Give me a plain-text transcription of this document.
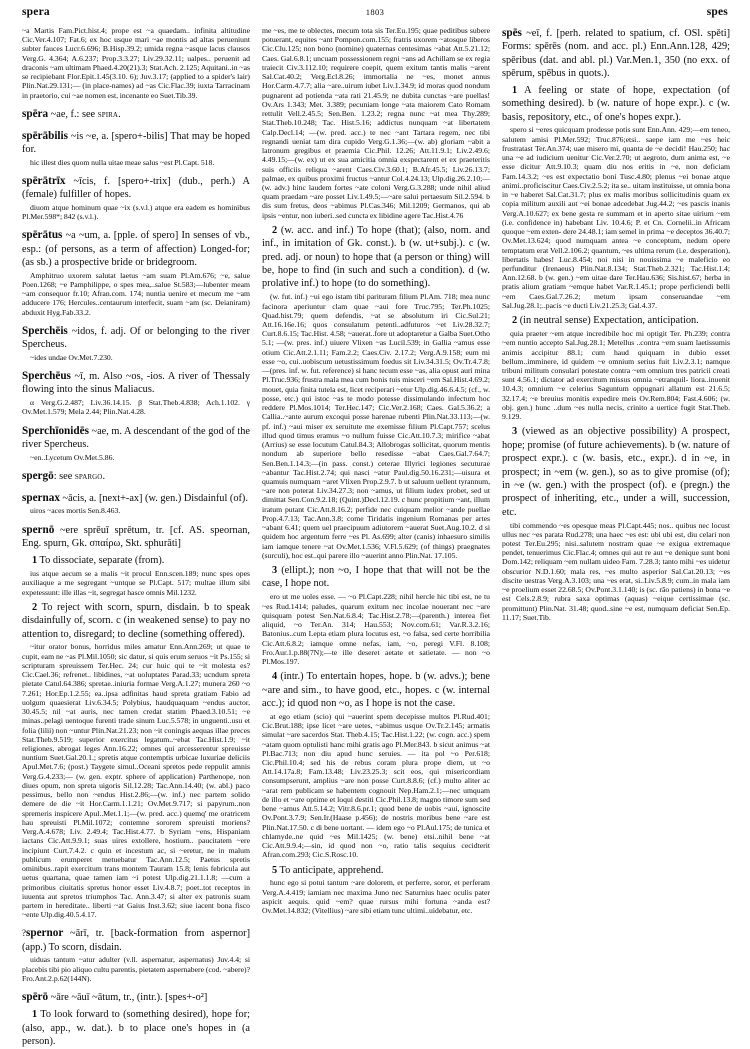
spera	1803	spes

~a Martis Fam.Pict.hist.4; prope est ~a quaedam.. infinita altitudine Cic.Ver.4.107; Fat.6; ex hoc usque mari ~ae montis ad altas perueniunt subter fauces Lucr.6.696; B.Hisp.39.2; umida regna ~asque lacus clausos Verg.G. 4.364; A.6.237; Prop.3.3.27; Liv.29.32.11; ualpes.. peruenit ad draconis ~am ultimam Phaed.4.20(21).3; Stat.Ach. 2.125; Aquitani..in ~as se recipiebant Flor.Epit.1.45(3.10. 6); Juv.3.17; (applied to a spider's lair) Plin.Nat.29.131;— (in place-names) ad ~as Cic.Flac.39; iuxta Tarracinam in praetorio, cui ~ae nomen est, incenante eo Suet.Tib.39.

spēra ~ae, f.: see spira.
spērābilis ~is ~e, a. [spero+-bilis] That may be hoped for.

hic illest dies quom nulla uitae meae salus ~est Pl.Capt. 518.

spērātrīx ~īcis, f. [spero+-trix] (dub., perh.) A (female) fulfiller of hopes.

diuom atque hominum quae ~ix (s.v.l.) atque era eadem es hominibus Pl.Mer.598*; 842 (s.v.l.).

spērātus ~a ~um, a. [pple. of spero] In senses of vb., esp.: (of persons, as a term of affection) Longed-for; (as sb.) a prospective bride or bridegroom.

Amphitruo uxorem salutat laetus ~am suam Pl.Am.676; ~e, salue Poen.1268; ~e Pamphilippe, o spes mea,..salue St.583;—lubenter meam ~am consequor fr.10; Afran.com. 174; nuntia uenire et mecum me ~am adducere 176; Hercules..centaurum interfecit, suam ~am (sc. Deianiram) abduxit Hyg.Fab.33.2.

Sperchēis ~idos, f. adj. Of or belonging to the river Spercheus.

~ides undae Ov.Met.7.230.

Sperchēus ~ī, m. Also ~os, -ios. A river of Thessaly flowing into the sinus Maliacus.

α Verg.G.2.487; Liv.36.14.15. β Stat.Theb.4.838; Ach.1.102. γ Ov.Met.1.579; Mela 2.44; Plin.Nat.4.28.

Sperchīonidēs ~ae, m. A descendant of the god of the river Spercheus.

~en..Lycetum Ov.Met.5.86.

spergō: see spargo.
spernax ~ācis, a. [next+-ax] (w. gen.) Disdainful (of).

uiros ~aces mortis Sen.8.463.

spernō ~ere sprēuī sprētum, tr. [cf. AS. speornan, Eng. spurn, Gk. σπαίρω, Skt. sphurāti]

1 To dissociate, separate (from).

ius atque aecum se a malis ~it procul Enn.scen.189; nunc spes opes auxiliaque a me segregant ~untque se Pl.Capt. 517; multae illum sibi expetessunt: ille illas ~it, segregat hasce omnis Mil.1232.

2 To reject with scorn, spurn, disdain. b to speak disdainfully of, scorn. c (in weakened sense) to pay no attention to, disregard; to decline (something offered).

~itur orator bonus, horridus miles amatur Enn.Ann.269; ut quae te cupit, eam ne ~as Pl.Mil.1050; sic datur, si quis erum seruos ~it Ps.155; si scripturam spreuissem Ter.Hec. 24; cur huic qui te ~it molesta es? Cic.Cael.36; refrenet.. libidines, ~at uoluptates Parad.33; ucndum spreta pietate Catul.64.386; spretae..iniuria formae Verg.A.1.27; munera 260 ~o 7.261; Hor.Ep.1.2.55; ea..ipsa adfinitas haud spreta gratiam Fabio ad uolgum quaesierat Liv.6.34.5; Polybius, haudquaquam ~endus auctor, 30.45.5; nil ~at auris, nec tamen credat statim Phaed.3.10.51; ~e minas..pelagi uentoque furenti trade sinum Luc.5.578; in unguenti..usu et folia (lilii) non ~untur Plin.Nat.21.23; non ~it coningis aequas illae preces Stat.Theb.9.519; superior exercitus legatum..~ebat Tac.Hist.1.9; ~it religiones, abrogat leges Ann.16.22; omnes qui arcesserentur spreuisse nuntium Suet.Gal.20.1.; spretis atque contemptis urbicae luxuriae deliciis Apul.Met.7.6; (post.) Taygete simul..Oceani spretos pede reppulit amnis Verg.G.4.233;— (w. gen. exptr. sphere of application) Parthenope, non diues opum, non spreta uigoris Sil.12.28; Tac.Ann.14.40; (w. abl.) paco pessimus, bello non ~endus Hist.2.86;—(w. inf.) nec partem solido demere de die ~it Hor.Carm.1.1.21; Ov.Met.9.717; si papyrum..non spremeris inspicere Apul..Met.1.1;—(w. pred. acc.) quemq' me oratricem hau spreuisti Pl.Mil.1072; contemne sororem spreuisti moriens? Verg.A.4.678; Liv. 2.49.4; Tac.Hist.4.77. b Syriam ~ens, Hispaniam iactans Cic.Att.9.9.1; suas uires extollere, hostium.. paucitatem ~ere incipiunt Curt.7.4.2. c quin et incestum ac, si ~eretur, ne in malum publicum erumperet metuebatur Tac.Ann.12.5; Paetus spretis ominibus..rapit exercitum trans montem Tauram 15.8; lenis febricula aut uetus quartana, quae tamen iam ~i potest Ulp.dig.21.1.1.8; —cum a primoribus ciuitatis spretus honor esset Liv.4.8.7; poet..tot receptos in iuuenta aut spretos triumphos Tac. Ann.3.47; si alter ex patronis suam partem in hereditate.. liberti ~at Gaius Inst.3.62; siue iacent bona fisco ~ente Ulp.dig.40.5.4.17.

?spernor ~ārī, tr. [back-formation from aspernor] (app.) To scorn, disdain.

uiduas tantum ~atur adulter (v.ll. aspernatur, aspernatus) Juv.4.4; si placebis tibi pio aliquo cultu parentis, pietatem aspernabere (cod. ~abere)? Fro.Ant.2.p.62(144N).

spērō ~āre ~āuī ~ātum, tr., (intr.). [spes+-o²]

1 To look forward to (something desired), hope for; (also, app., w. dat.). b to place one's hopes in (a person).

me ~es, me te oblectes, mecum tota sis Ter.Eu.195; quae peditibus subere potuerant, equites ~ant Pompon.com.155; fratris uxorem ~atosque liberos Cic.Clu.125; non bono (nomine) quaternas centesimas ~abat Att.5.21.12; Caes. Gal.6.8.1; uncuam possessionem regni ~ans ad Achillam se ex regia traiecit Civ.3.112.10; requirere coepit, quem exitum tantis malis ~arent Sal.Cat.40.2; Verg.Ecl.8.26; immortalia ne ~es, monet annus Hor.Carm.4.7.7; alia ~are..uirum iubet Liv.1.34.9; id moras quod nondum pugnarent ad potienda ~ata rati 21.45.9; ne dubita cunctas ~are puellas! Ov.Ars 1.343; Met. 3.389; pecuniam longe ~ata maiorem Cato Romam rettulit Vell.2.45.5; Sen.Ben. 1.23.2; regna nunc ~at mea Thy.289; Stat.Theb.10.248; Tac. Hist.5.16; addictus nunquam ~at libertatem Calp.Decl.14; —(w. pred. acc.) te nec ~ant Tartara regem, nec tibi regnandi ueniat tam dira cupido Verg.G.1.36;—(w. ab) gloriam ~abit a latronum gregibus et praemia Cic.Phil. 12.26; Att.11.9.1; Liv.2.49.6; 4.49.15;—(w. ex) ut ex sua amicitia omnia exspectarent et ex praeteritis suis officiis reliqua ~arent Caes.Civ.3.60.1; B.Afr.45.5; Liv.26.13.7; palmae, ex quibus proximi fructus ~antur Col.4.24.13; Ulp.dig.26.2.10;—(w. adv.) hinc laudem fortes ~ate coloni Verg.G.3.288; unde nihil aliud quam praedam ~are posset Liv.1.49.5;—~are salui pertaesum Sil.2.594. b dis sum fretus, deos ~abimus Pl.Cas.346; Mil.1209; Germanos, qui ab ipsis ~entur, non iuberi..sed cuncta ex libidine agere Tac.Hist.4.76

2 (w. acc. and inf.) To hope (that); (also, nom. and inf., in imitation of Gk. const.). b (w. ut+subj.). c (w. pred. adj. or noun) to hope that (a person or thing) will be, hope to find (in such and such a condition). d (w. prolative inf.) to hope (to do something).

(w. fut. inf.) ~ui ego istam tibi parituram filium Pl.Am. 718; mea nunc facinora aperiuntur clam quae ~aui fore Truc.795; Ter.Ph.1025; Quad.hist.79; quem defendis, ~at se absolutum iri Cic.Sul.21; Att.16.16e.16; quos consulatum petenti..adfuturos ~et Liv.28.32.7; Curt.8.6.15; Tac.Hist. 4.58; ~auerat..fore ut adoptaretur a Galba Suet.Otho 5.1; —(w. pres. inf.) uiuere Vlixen ~as Lucil.539; in Gallia ~amus esse otium Cic.Att.2.1.11; Fam.2.2; Caes.Civ. 2.17.2; Verg.A.9.158; eum mi esse ~o, cui..uobiscum uetustissimum foedus sit Liv.34.31.5; Ov.Tr.4.7.8;—(pres. inf. w. fut. reference) si hanc tecum esse ~as, alia opust auri mina Pl.Truc.936; frustra mala mea cum bonis tuis misceri ~em Sal.Hist.4.69.2; mouet, quia finita tutela est, licet reciperari ~etur Ulp.dig.46.6.4.5; (cf., w. posse, etc.) qui istoc ~as te modo potesse dissimulando infectum hoc reddere Pl.Mos.1014; Ter.Hec.147; Cic.Ver.2.168; Caes. Gal.5.36.2; a Callia..~ante aurum excoqui posse harenae rubenti Plin.Nat.33.113;—(w. pf. inf.) ~aui miser ex seruitute me exemisse filium Pl.Capt.757; scelus illud quod timus eramus ~o nullum fuisse Cic.Att.10.7.3; mirifice ~abat (Arrius) se esse locutum Catul.84.3; Allobrogas sollicitat, quorum mentis nondum ab superiore bello resedisse ~abat Caes.Gal.7.64.7; Sen.Ben.1.14.3;—(in pass. const.) ceterae Illyrici legiones secuturae ~abantur Tac.Hist.2.74; qui nasci ~atur Paul.dig.50.16.231;—uisura et quamuis numquam ~aret Vlixen Prop.2.9.7. b ut saluum uellent tyrannum, ~are non poterat Liv.34.27.3; non ~amus, ut filium iudex probet, sed ut dimittat Sen.Con.9.2.18; (Quint.)Decl.12.19. c hunc propitium ~ant, illum iratum putant Cic.Att.8.16.2; perfide nec cuiquam melior ~ande puellae Prop.4.7.13; Tac.Ann.3.8; come Tiridatis ingenium Romanas per artes ~abant 6.41; quem uel praecipuum adiutorem ~auerat Suet.Aug.10.2. d si quidem hoc argentum ferre ~es Pl. As.699; alter (canis) inhaesuro similis iam iamque tenere ~at Ov.Met.1.536; V.Fl.5.629; (of things) praegnates (surculi), hoc est..qui parere illo ~auerint anno Plin.Nat. 17.105.

3 (ellipt.); non ~o, I hope that that will not be the case, I hope not.

ero ut me uoles esse. — ~o Pl.Capt.228; nihil hercle hic tibi est, ne tu ~es Rud.1414; paludes, quarum exitum nec incolae nouerant nec ~are quisquam potest Sen.Nat.6.8.4; Tac.Hist.2.78;—(parenth.) interea fiet aliquid, ~o Ter.An. 314; Hau.553; Nov.com.61; Var.R.3.2.16; Batonius..cum Lepta etiam plura locutus est, ~o falsa, sed certe horribilia Cic.Att.6.8.2; iamque omne nefas, iam, ~o, peregi V.Fl. 8.108; Fro.Aur.1.p.88(7N);—te ille deseret aetate et satietate. — non ~o Pl.Mos.197.

4 (intr.) To entertain hopes, hope. b (w. advs.); bene ~are and sim., to have good, etc., hopes. c (w. internal acc.); id quod non ~o, as I hope is not the case.

at ego etiam (scio) qui ~auerint spem decepisse multos Pl.Rud.401; Cic.Brut.188; ipse licet ~are uetes, ~abimus usque Ov.Tr.2.145; armatis simulat ~are sacerdos Stat. Theb.4.15; Tac.Hist.1.22; (w. cogn. acc.) spem ~atam quom optulisti hanc mihi gratis ago Pl.Mer.843. b sicut animus ~at Pl.Bac.713; non diu apud hunc seruies. — ita pol ~o Per.618; Cic.Phil.10.4; sed his de rebus coram plura prope diem, ut ~o Att.14.17a.8; Fam.13.48; Liv.23.25.3; scit eos, qui misericordiam consumpserunt, amplius ~are non posse Curt.8.8.6; (cf.) multo aliter ac ~arat rem publicam se habentem cognouit Nep.Ham.2.1;—nec umquam de illo et ~are optime et loqui destiti Cic.Phil.13.8; magno timore sum sed bene ~amus Att.5.14.2; Vitr.8.6.pr.1; quod bene de uobis ~aui, ignoscite Ov.Pont.3.7.9; Sen.Ir.(Haase p.456); de nostris moribus bene ~are est Plin.Nat.17.50. c di bene uortant. — idem ego ~o Pl.Aul.175; de tunica et chlamyde..ne quid ~es Mil.1425; (w. bene) etsi..nihil bene ~at Cic.Att.9.9.4;—sin, id quod non ~o, ratio talis sequius cecidterit Afran.com.293; Cic.S.Rosc.10.

5 To anticipate, apprehend.

hunc ego si potui tantum ~are dolorem, et perferre, soror, et perferam Verg.A.4.419; iamiam nec maxima Juno nec Saturnius haec oculis pater aspicit aequis. quid ~em? quae rursus mihi fortuna ~anda est? Ov.Met.14.832; (Vitellius) ~are sibi etiam tunc ultimi..uidebatur, etc.

spēs ~eī, f. [perh. related to spatium, cf. OSl. spěti] Forms: spērēs (nom. and acc. pl.) Enn.Ann.128, 429; spēribus (dat. and abl. pl.) Var.Men.1, 350 (no exx. of spērum, spēbus in quots.).

1 A feeling or state of hope, expectation (of something desired). b (w. nature of hope expr.). c (w. basis, repository, etc., of one's hopes expr.).

spero si ~eres quicquam prodesse potis sunt Enn.Ann. 429;—em teneo, salutem amisi Pl.Mer.592; Truc.876;etsi.. saepe iam me ~es heic frustratast Ter.An.374; uae misero mi, quanta de ~e decidi! Hau.250; hac una ~e ad iudicium uenitur Cic.Ver.2.70; ut aegroto, dum anima est, ~e esse dicitur Att.9.10.3; quam diu nos eritis in ~e, non deficiam Fam.14.3.2; ~es est expectatio boni Tusc.4.80; plenus ~ei bonae atque animi..proficiscitur Caes.Civ.2.5.2; ita se.. uitam instituisse, ut omnia bona in ~e haberet Sal.Cat.31.7; plus ex malis moribus sollicitudinis quam ex copia militum auxili aut ~ei bonae adcedebat Jug.44.2; ~es pascis inanis Verg.A.10.627; ex bene gesta re summam et in aperto sitae uirium ~em (i.e. confidence in) habebant Liv. 10.4.6; P. et Cn. Cornelii..in Africam quoque ~em exten- dere 24.48.1; iam semel in prima ~e deceptos 36.40.7; Ov.Met.13.624; quod numquam antea ~e conceptum, nedum opere temptatum erat Vell.2.106.2; quantum, ~es ultima rerum (i.e. desperation), libertatis habes! Luc.8.454; noi nisi in nouissima ~e maleficio eo perfunditur (Irenaeus) Plin.Nat.8.134; Stat.Theb.2.321; Tac.Hist.1.4; Ann.12.68. b (w. gen.) ~em uitae dare Ter.Hau.636; Sis.hist.67; herba in pratis alium gratiam ~emque habet Var.R.1.45.1; prope perficiendi belli ~em Caes.Gal.7.26.2; metum ipsam conseruandae ~em Sal.Jug.28.1;..pacis ~e ducti Liv.21.25.3; Gal.4.37.

2 (in neutral sense) Expectation, anticipation.

quia praeter ~em atque incredibile hoc mi optigit Ter. Ph.239; contra ~em nuntio accepto Sal.Jug.28.1; Metellus ..contra ~em suam laetissumis animis accipitur 88.1; cum haud quiquam in dubio esset bellum..imminere, id quidem ~e omnium serius fuit Liv.2.3.1; namque tribuni militum consulari potestate contra ~em omnium tres patricii creati sunt 4.56.1; dictator ad exercitum missus omnia ~etranquil- liora..inuenit 10.4.3; omnium ~e celerius Saguntum oppugnari allatum est 21.6.5; 32.17.4; ~e breuius monitis expedire meis Ov.Rem.804; Fast.4.606; (w. obj. gen.) hunc ..dum ~es nulla necis, crinito a uertice fugit Stat.Theb. 9.129.

3 (viewed as an objective possibility) A prospect, hope; promise (of future achievements). b (w. nature of prospect expr.). c (w. basis, etc., expr.). d in ~e, in prospect; in ~em (w. gen.), so as to give promise (of); in ~e (w. gen.) with the prospect (of). e (pregn.) the prospect of inheriting, etc., under a will, succession, etc.

tibi commendo ~es opesque meas Pl.Capt.445; nos.. quibus nec locust ullus nec ~es parata Rud.278; una haec ~es est: ubi ubi est, diu celari non potest Ter.Eu.295; nisi..salutem nostram quae ~e exigua extremaque pendet, tenuerimus Cic.Flac.4; omnes qui aut re aut ~e denique sunt boni Dom.142; reliquam ~em nullam uideo Fam. 7.28.3; tanto mihi ~es uidetur obscurior N.D.1.60; mala res, ~es multo asperior Sal.Cat.20.13; ~es discite uestras Verg.A.3.103; una ~es erat, si..Liv.5.8.9; cum..in mala iam ~e proelium esset 22.68.5; Ov.Pont.3.1.140; is (sc. rāo patiens) in bona ~e est Cels.2.8.9; rubra saxa optimas (aquas) ~eique certissimae (sc. promittunt) Plin.Nat. 31.48; quod..sine ~e est, numquam deficiat Sen.Ep. 11.17; Suet.Tib.
